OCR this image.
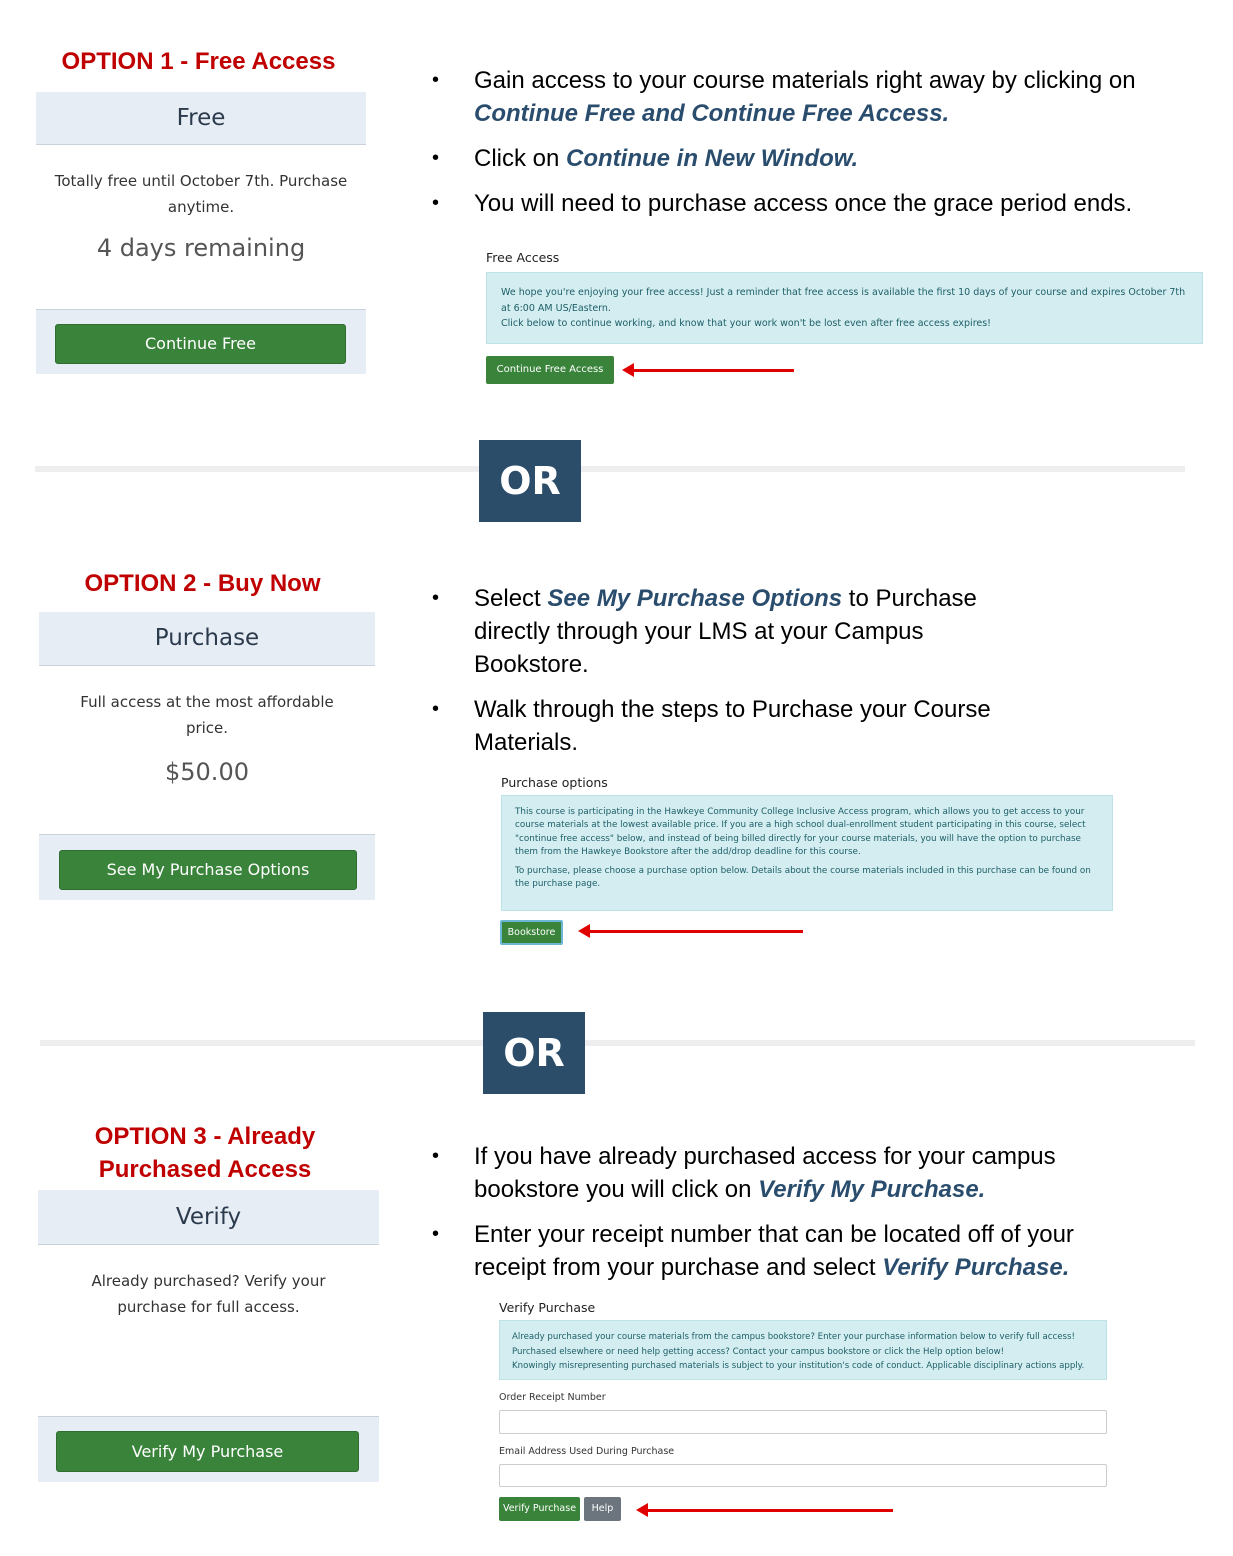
OPTION 1 - Free Access
Free
Totally free until October 7th. Purchase anytime.
4 days remaining
Continue Free
• Gain access to your course materials right away by clicking on Continue Free and Continue Free Access.
• Click on Continue in New Window.
• You will need to purchase access once the grace period ends.
Free Access
We hope you're enjoying your free access! Just a reminder that free access is available the first 10 days of your course and expires October 7th at 6:00 AM US/Eastern.
Click below to continue working, and know that your work won't be lost even after free access expires!
Continue Free Access
OR
OPTION 2 - Buy Now
Purchase
Full access at the most affordable price.
$50.00
See My Purchase Options
• Select See My Purchase Options to Purchase directly through your LMS at your Campus Bookstore.
• Walk through the steps to Purchase your Course Materials.
Purchase options
This course is participating in the Hawkeye Community College Inclusive Access program, which allows you to get access to your course materials at the lowest available price. If you are a high school dual-enrollment student participating in this course, select "continue free access" below, and instead of being billed directly for your course materials, you will have the option to purchase them from the Hawkeye Bookstore after the add/drop deadline for this course.
To purchase, please choose a purchase option below. Details about the course materials included in this purchase can be found on the purchase page.
Bookstore
OR
OPTION 3 - Already
Purchased Access
Verify
Already purchased? Verify your purchase for full access.
Verify My Purchase
• If you have already purchased access for your campus bookstore you will click on Verify My Purchase.
• Enter your receipt number that can be located off of your receipt from your purchase and select Verify Purchase.
Verify Purchase
Already purchased your course materials from the campus bookstore? Enter your purchase information below to verify full access!
Purchased elsewhere or need help getting access? Contact your campus bookstore or click the Help option below!
Knowingly misrepresenting purchased materials is subject to your institution's code of conduct. Applicable disciplinary actions apply.
Order Receipt Number
Email Address Used During Purchase
Verify Purchase	Help
